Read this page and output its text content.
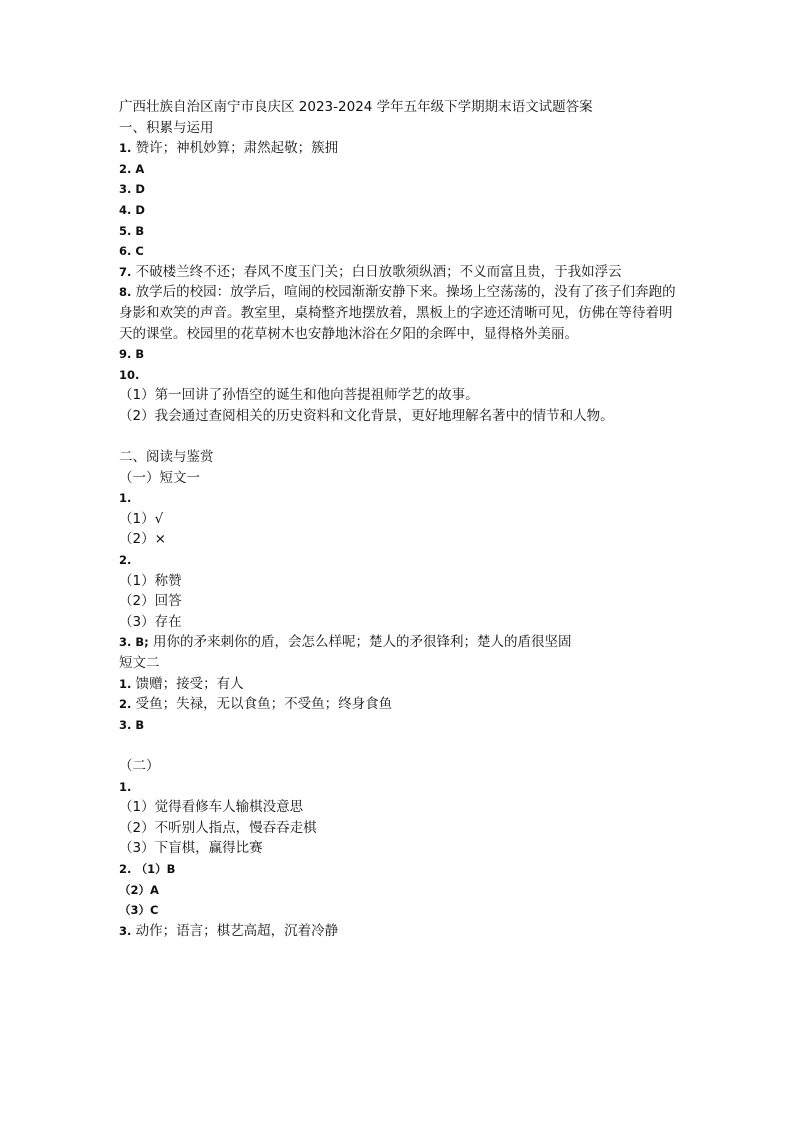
广西壮族自治区南宁市良庆区 2023-2024 学年五年级下学期期末语文试题答案
一、积累与运用
1. 赞许；神机妙算；肃然起敬；簇拥
2. A
3. D
4. D
5. B
6. C
7. 不破楼兰终不还；春风不度玉门关；白日放歌须纵酒；不义而富且贵，于我如浮云
8. 放学后的校园：放学后，喧闹的校园渐渐安静下来。操场上空荡荡的，没有了孩子们奔跑的身影和欢笑的声音。教室里，桌椅整齐地摆放着，黑板上的字迹还清晰可见，仿佛在等待着明天的课堂。校园里的花草树木也安静地沐浴在夕阳的余晖中，显得格外美丽。
9. B
10.
（1）第一回讲了孙悟空的诞生和他向菩提祖师学艺的故事。
（2）我会通过查阅相关的历史资料和文化背景，更好地理解名著中的情节和人物。
二、阅读与鉴赏
（一）短文一
1.
（1）√
（2）×
2.
（1）称赞
（2）回答
（3）存在
3. B; 用你的矛来刺你的盾，会怎么样呢；楚人的矛很锋利；楚人的盾很坚固
短文二
1. 馈赠；接受；有人
2. 受鱼；失禄，无以食鱼；不受鱼；终身食鱼
3. B
（二）
1.
（1）觉得看修车人输棋没意思
（2）不听别人指点，慢吞吞走棋
（3）下盲棋，赢得比赛
2. （1）B
（2）A
（3）C
3. 动作；语言；棋艺高超，沉着冷静
